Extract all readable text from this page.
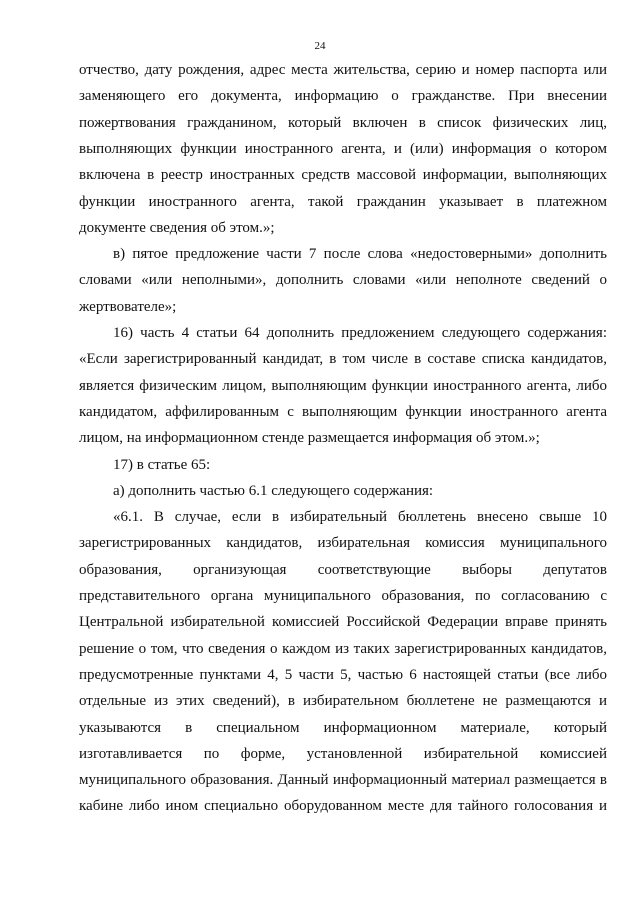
24
отчество, дату рождения, адрес места жительства, серию и номер паспорта или
заменяющего его документа, информацию о гражданстве. При внесении
пожертвования гражданином, который включен в список физических лиц,
выполняющих функции иностранного агента, и (или) информация о котором
включена в реестр иностранных средств массовой информации, выполняющих
функции иностранного агента, такой гражданин указывает в платежном
документе сведения об этом.»;
в) пятое предложение части 7 после слова «недостоверными» дополнить
словами «или неполными», дополнить словами «или неполноте сведений о
жертвователе»;
16) часть 4 статьи 64 дополнить предложением следующего содержания:
«Если зарегистрированный кандидат, в том числе в составе списка кандидатов,
является физическим лицом, выполняющим функции иностранного агента, либо
кандидатом, аффилированным с выполняющим функции иностранного агента
лицом, на информационном стенде размещается информация об этом.»;
17) в статье 65:
а) дополнить частью 6.1 следующего содержания:
«6.1. В случае, если в избирательный бюллетень внесено свыше 10
зарегистрированных кандидатов, избирательная комиссия муниципального
образования, организующая соответствующие выборы депутатов
представительного органа муниципального образования, по согласованию с
Центральной избирательной комиссией Российской Федерации вправе принять
решение о том, что сведения о каждом из таких зарегистрированных кандидатов,
предусмотренные пунктами 4, 5 части 5, частью 6 настоящей статьи (все либо
отдельные из этих сведений), в избирательном бюллетене не размещаются и
указываются в специальном информационном материале, который
изготавливается по форме, установленной избирательной комиссией
муниципального образования. Данный информационный материал размещается в
кабине либо ином специально оборудованном месте для тайного голосования и
